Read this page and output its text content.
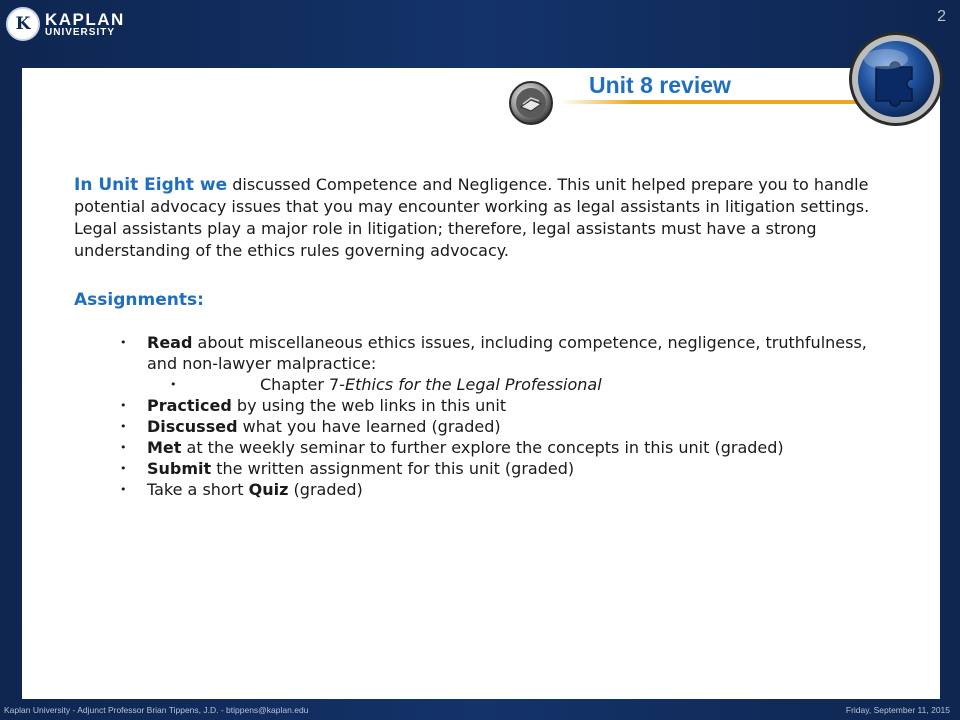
K KAPLAN
UNIVERSITY
2
Unit 8 review

In Unit Eight we discussed Competence and Negligence. This unit helped prepare you to handle potential advocacy issues that you may encounter working as legal assistants in litigation settings. Legal assistants play a major role in litigation; therefore, legal assistants must have a strong understanding of the ethics rules governing advocacy.

Assignments:
• Read about miscellaneous ethics issues, including competence, negligence, truthfulness, and non-lawyer malpractice:
• Chapter 7-Ethics for the Legal Professional
• Practiced by using the web links in this unit
• Discussed what you have learned (graded)
• Met at the weekly seminar to further explore the concepts in this unit (graded)
• Submit the written assignment for this unit (graded)
• Take a short Quiz (graded)
Kaplan University - Adjunct Professor Brian Tippens, J.D. - btippens@kaplan.edu	Friday, September 11, 2015
